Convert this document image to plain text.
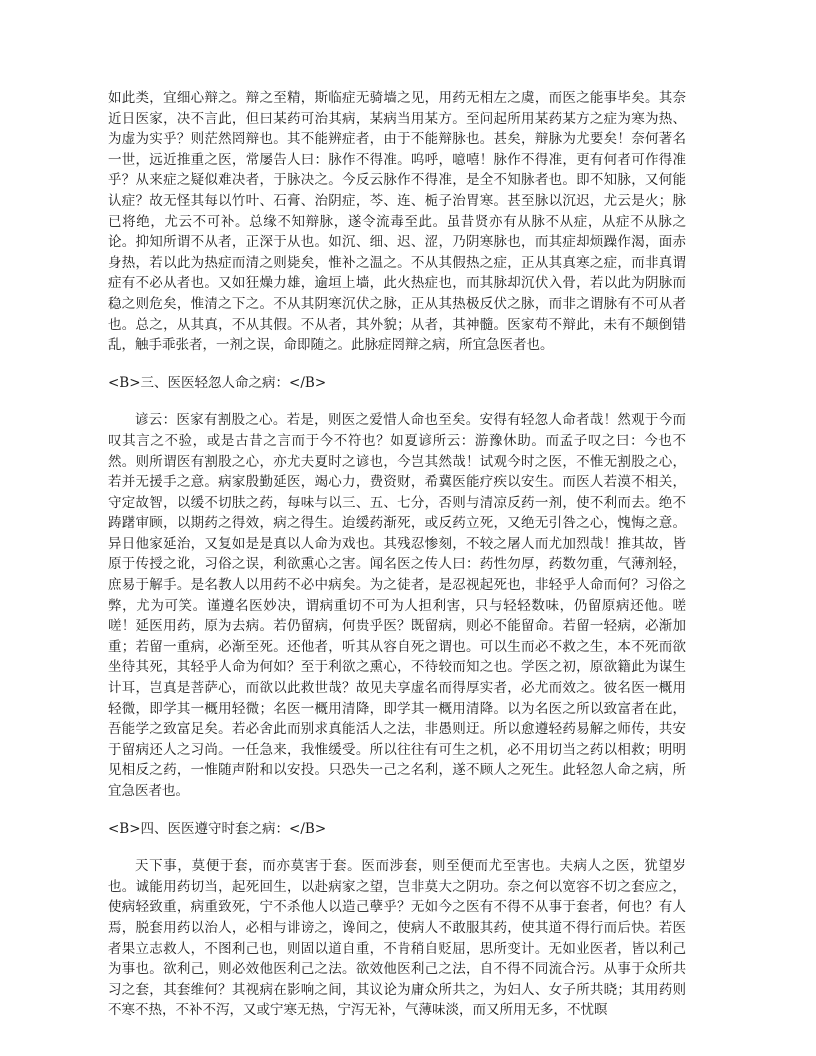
如此类，宜细心辩之。辩之至精，斯临症无骑墙之见，用药无相左之虞，而医之能事毕矣。其奈近日医家，决不言此，但曰某药可治其病，某病当用某方。至问起所用某药某方之症为寒为热、为虚为实乎？则茫然罔辩也。其不能辨症者，由于不能辩脉也。甚矣，辩脉为尤要矣！奈何著名一世，远近推重之医，常屡告人曰：脉作不得准。呜呼，噫嘻！脉作不得准，更有何者可作得准乎？从来症之疑似难决者，于脉决之。今反云脉作不得准，是全不知脉者也。即不知脉，又何能认症？故无怪其每以竹叶、石膏、治阴症，芩、连、栀子治胃寒。甚至脉以沉迟，尤云是火；脉已将绝，尤云不可补。总缘不知辩脉，遂令流毒至此。虽昔贤亦有从脉不从症，从症不从脉之论。抑知所谓不从者，正深于从也。如沉、细、迟、涩，乃阴寒脉也，而其症却烦躁作渴，面赤身热，若以此为热症而清之则毙矣，惟补之温之。不从其假热之症，正从其真寒之症，而非真谓症有不必从者也。又如狂燥力雄，逾垣上墙，此火热症也，而其脉却沉伏入骨，若以此为阴脉而稳之则危矣，惟清之下之。不从其阴寒沉伏之脉，正从其热极反伏之脉，而非之谓脉有不可从者也。总之，从其真，不从其假。不从者，其外貌；从者，其神髓。医家苟不辩此，未有不颠倒错乱，触手乖张者，一剂之误，命即随之。此脉症罔辩之病，所宜急医者也。

<B>三、医医轻忽人命之病：</B>

谚云：医家有割股之心。若是，则医之爱惜人命也至矣。安得有轻忽人命者哉！然观于今而叹其言之不验，或是古昔之言而于今不符也？如夏谚所云：游豫休助。而孟子叹之曰：今也不然。则所谓医有割股之心，亦尤夫夏时之谚也，今岂其然哉！试观今时之医，不惟无割股之心，若并无援手之意。病家殷勤延医，竭心力，费资财，希冀医能疗疾以安生。而医人若漠不相关，守定故智，以缓不切肤之药，每味与以三、五、七分，否则与清凉反药一剂，使不利而去。绝不踌躇审顾，以期药之得效，病之得生。迨缓药渐死，或反药立死，又绝无引咎之心，愧悔之意。异日他家延治，又复如是是真以人命为戏也。其残忍惨刻，不较之屠人而尤加烈哉！推其故，皆原于传授之讹，习俗之误，利欲熏心之害。闻名医之传人曰：药性勿厚，药数勿重，气薄剂轻，庶易于解手。是名教人以用药不必中病矣。为之徒者，是忍视起死也，非轻乎人命而何？习俗之弊，尤为可笑。谨遵名医妙决，谓病重切不可为人担利害，只与轻轻数味，仍留原病还他。嗟嗟！延医用药，原为去病。若仍留病，何贵乎医？既留病，则必不能留命。若留一轻病，必渐加重；若留一重病，必渐至死。还他者，听其从容自死之谓也。可以生而必不救之生，本不死而欲坐待其死，其轻乎人命为何如？至于利欲之熏心，不待较而知之也。学医之初，原欲籍此为谋生计耳，岂真是菩萨心，而欲以此救世哉？故见夫享虚名而得厚实者，必尤而效之。彼名医一概用轻微，即学其一概用轻微；名医一概用清降，即学其一概用清降。以为名医之所以致富者在此，吾能学之致富足矣。若必舍此而别求真能活人之法，非愚则迂。所以愈遵轻药易解之师传，共安于留病还人之习尚。一任急来，我惟缓受。所以往往有可生之机，必不用切当之药以相救；明明见相反之药，一惟随声附和以安投。只恐失一己之名利，遂不顾人之死生。此轻忽人命之病，所宜急医者也。

<B>四、医医遵守时套之病：</B>

天下事，莫便于套，而亦莫害于套。医而涉套，则至便而尤至害也。夫病人之医，犹望岁也。诚能用药切当，起死回生，以赴病家之望，岂非莫大之阴功。奈之何以宽容不切之套应之，使病轻致重，病重致死，宁不杀他人以造己孽乎？无如今之医有不得不从事于套者，何也？有人焉，脱套用药以治人，必相与诽谤之，谗间之，使病人不敢服其药，使其道不得行而后快。若医者果立志救人，不图利己也，则固以道自重，不肯稍自贬屈，思所变计。无如业医者，皆以利己为事也。欲利己，则必效他医利己之法。欲效他医利己之法，自不得不同流合污。从事于众所共习之套，其套维何？其视病在影响之间，其议论为庸众所共之，为妇人、女子所共晓；其用药则不寒不热，不补不泻，又或宁寒无热，宁泻无补，气薄味淡，而又所用无多，不忧暝
